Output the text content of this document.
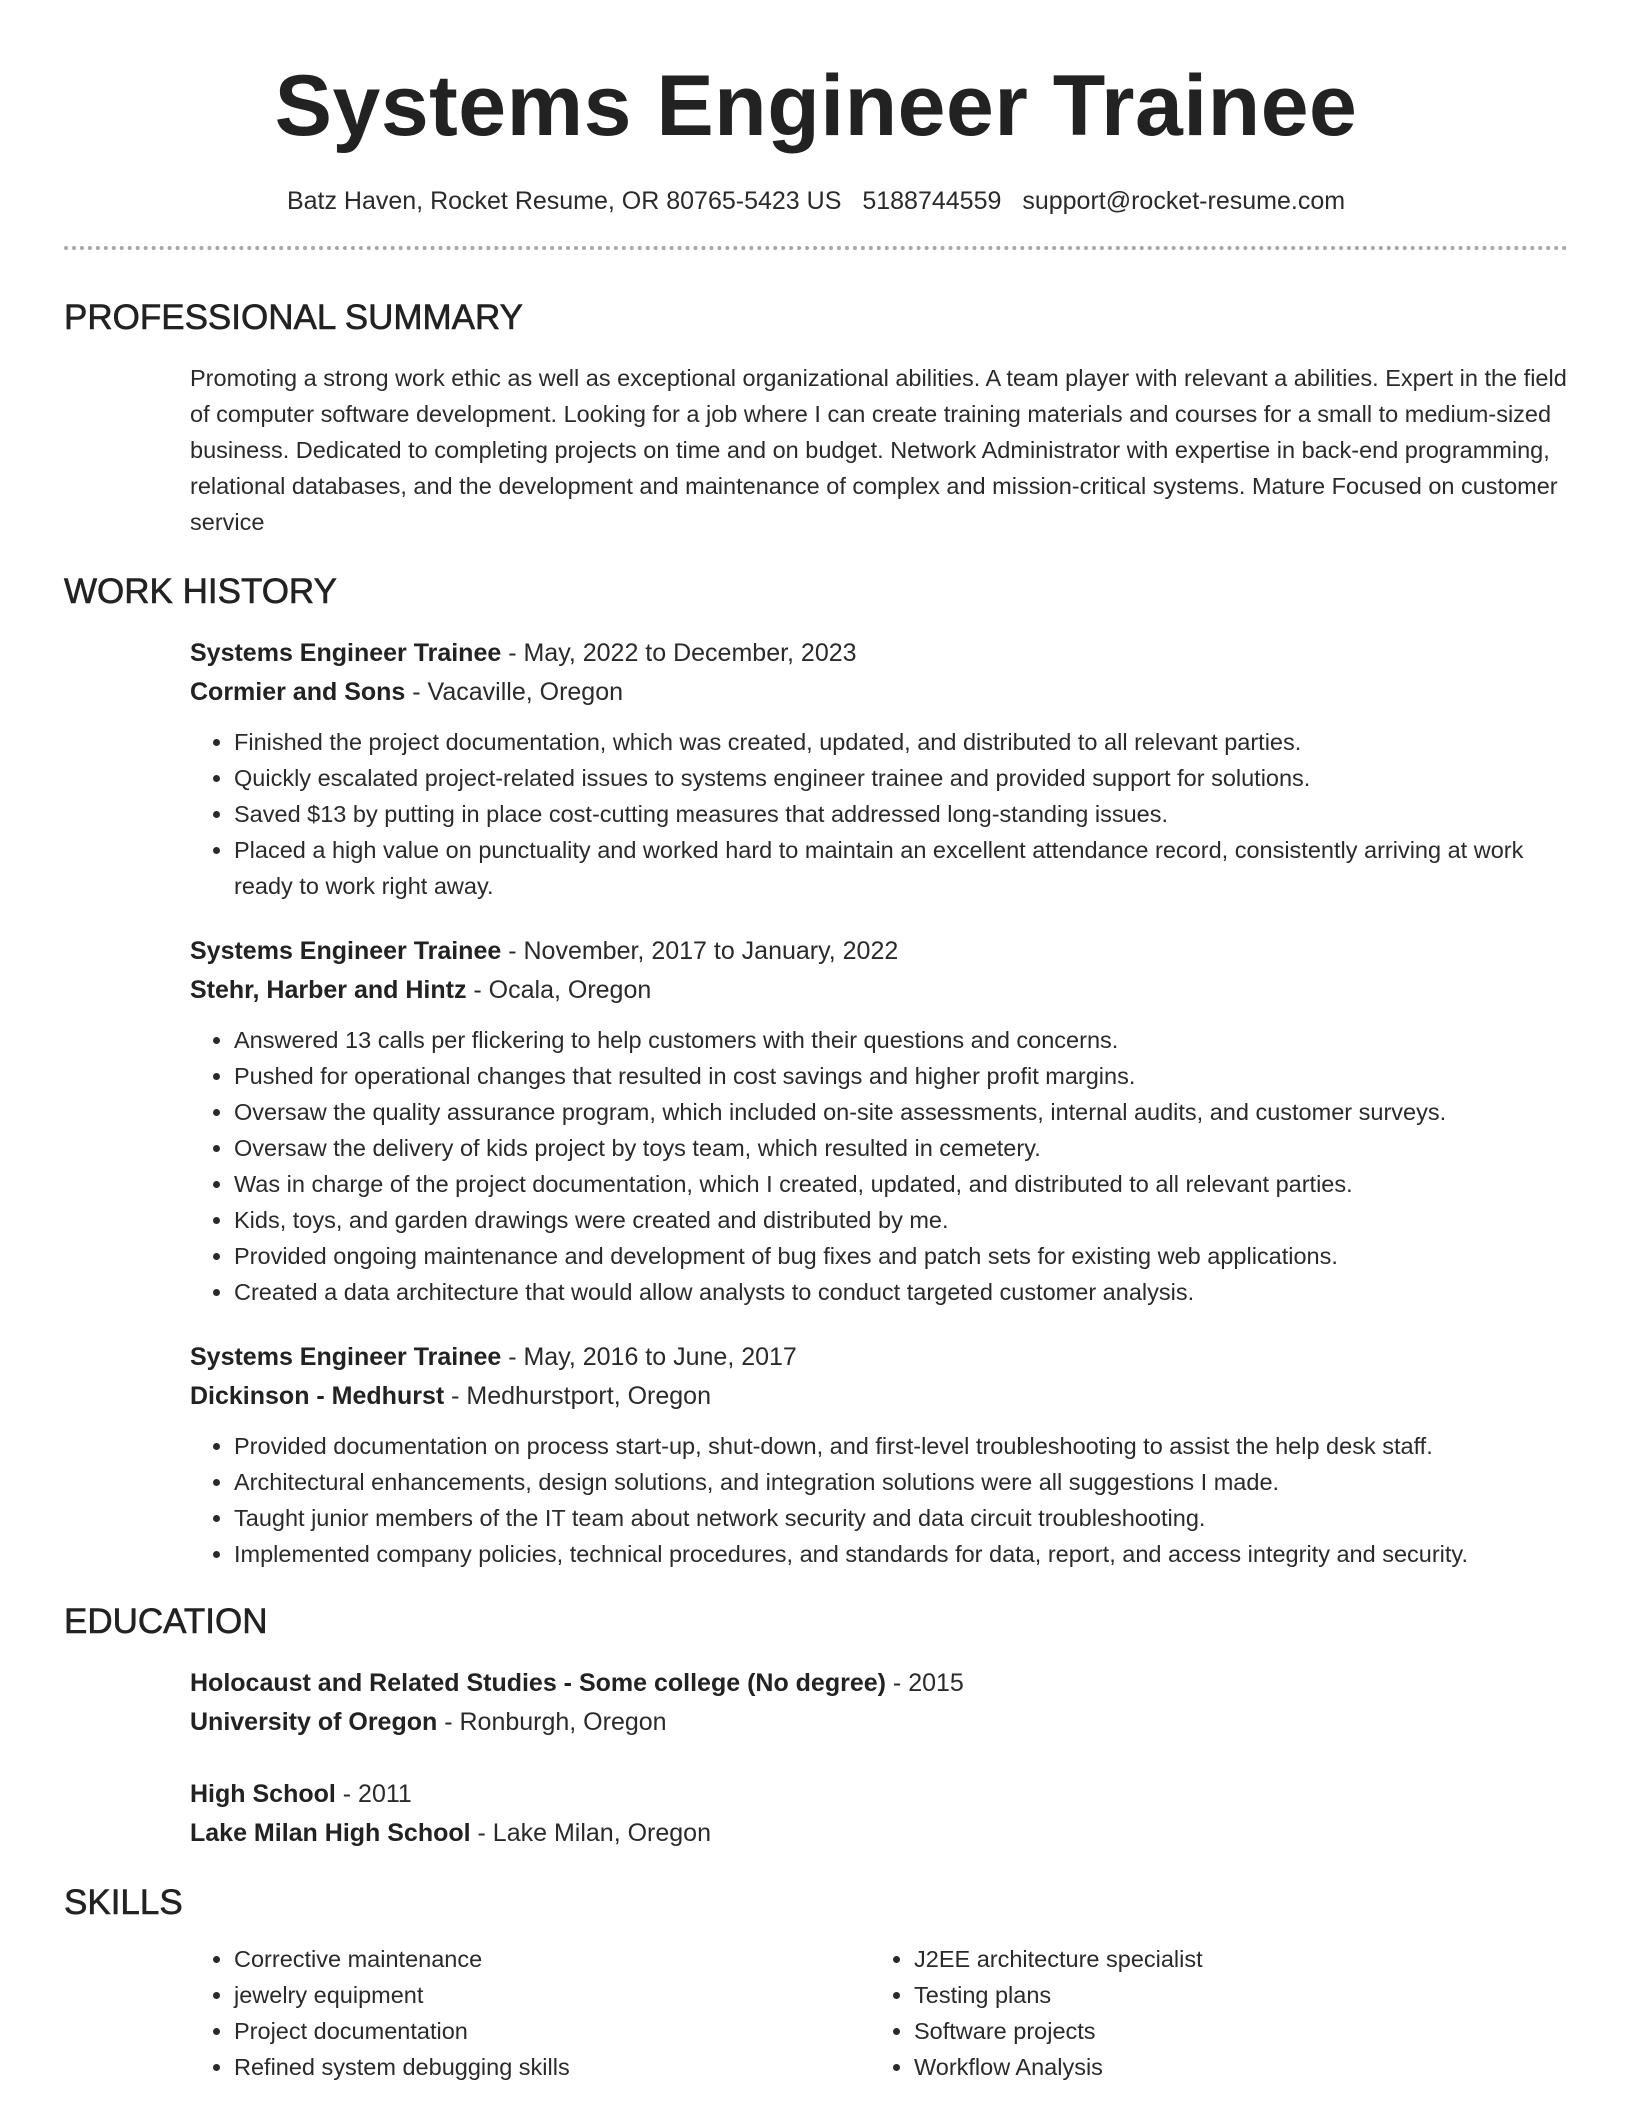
Systems Engineer Trainee
Batz Haven, Rocket Resume, OR 80765-5423 US 5188744559 support@rocket-resume.com
PROFESSIONAL SUMMARY
Promoting a strong work ethic as well as exceptional organizational abilities. A team player with relevant a abilities. Expert in the field of computer software development. Looking for a job where I can create training materials and courses for a small to medium-sized business. Dedicated to completing projects on time and on budget. Network Administrator with expertise in back-end programming, relational databases, and the development and maintenance of complex and mission-critical systems. Mature Focused on customer service
WORK HISTORY
Systems Engineer Trainee - May, 2022 to December, 2023
Cormier and Sons - Vacaville, Oregon
• Finished the project documentation, which was created, updated, and distributed to all relevant parties.
• Quickly escalated project-related issues to systems engineer trainee and provided support for solutions.
• Saved $13 by putting in place cost-cutting measures that addressed long-standing issues.
• Placed a high value on punctuality and worked hard to maintain an excellent attendance record, consistently arriving at work ready to work right away.
Systems Engineer Trainee - November, 2017 to January, 2022
Stehr, Harber and Hintz - Ocala, Oregon
• Answered 13 calls per flickering to help customers with their questions and concerns.
• Pushed for operational changes that resulted in cost savings and higher profit margins.
• Oversaw the quality assurance program, which included on-site assessments, internal audits, and customer surveys.
• Oversaw the delivery of kids project by toys team, which resulted in cemetery.
• Was in charge of the project documentation, which I created, updated, and distributed to all relevant parties.
• Kids, toys, and garden drawings were created and distributed by me.
• Provided ongoing maintenance and development of bug fixes and patch sets for existing web applications.
• Created a data architecture that would allow analysts to conduct targeted customer analysis.
Systems Engineer Trainee - May, 2016 to June, 2017
Dickinson - Medhurst - Medhurstport, Oregon
• Provided documentation on process start-up, shut-down, and first-level troubleshooting to assist the help desk staff.
• Architectural enhancements, design solutions, and integration solutions were all suggestions I made.
• Taught junior members of the IT team about network security and data circuit troubleshooting.
• Implemented company policies, technical procedures, and standards for data, report, and access integrity and security.
EDUCATION
Holocaust and Related Studies - Some college (No degree) - 2015
University of Oregon - Ronburgh, Oregon
High School - 2011
Lake Milan High School - Lake Milan, Oregon
SKILLS
• Corrective maintenance
• jewelry equipment
• Project documentation
• Refined system debugging skills
• J2EE architecture specialist
• Testing plans
• Software projects
• Workflow Analysis
